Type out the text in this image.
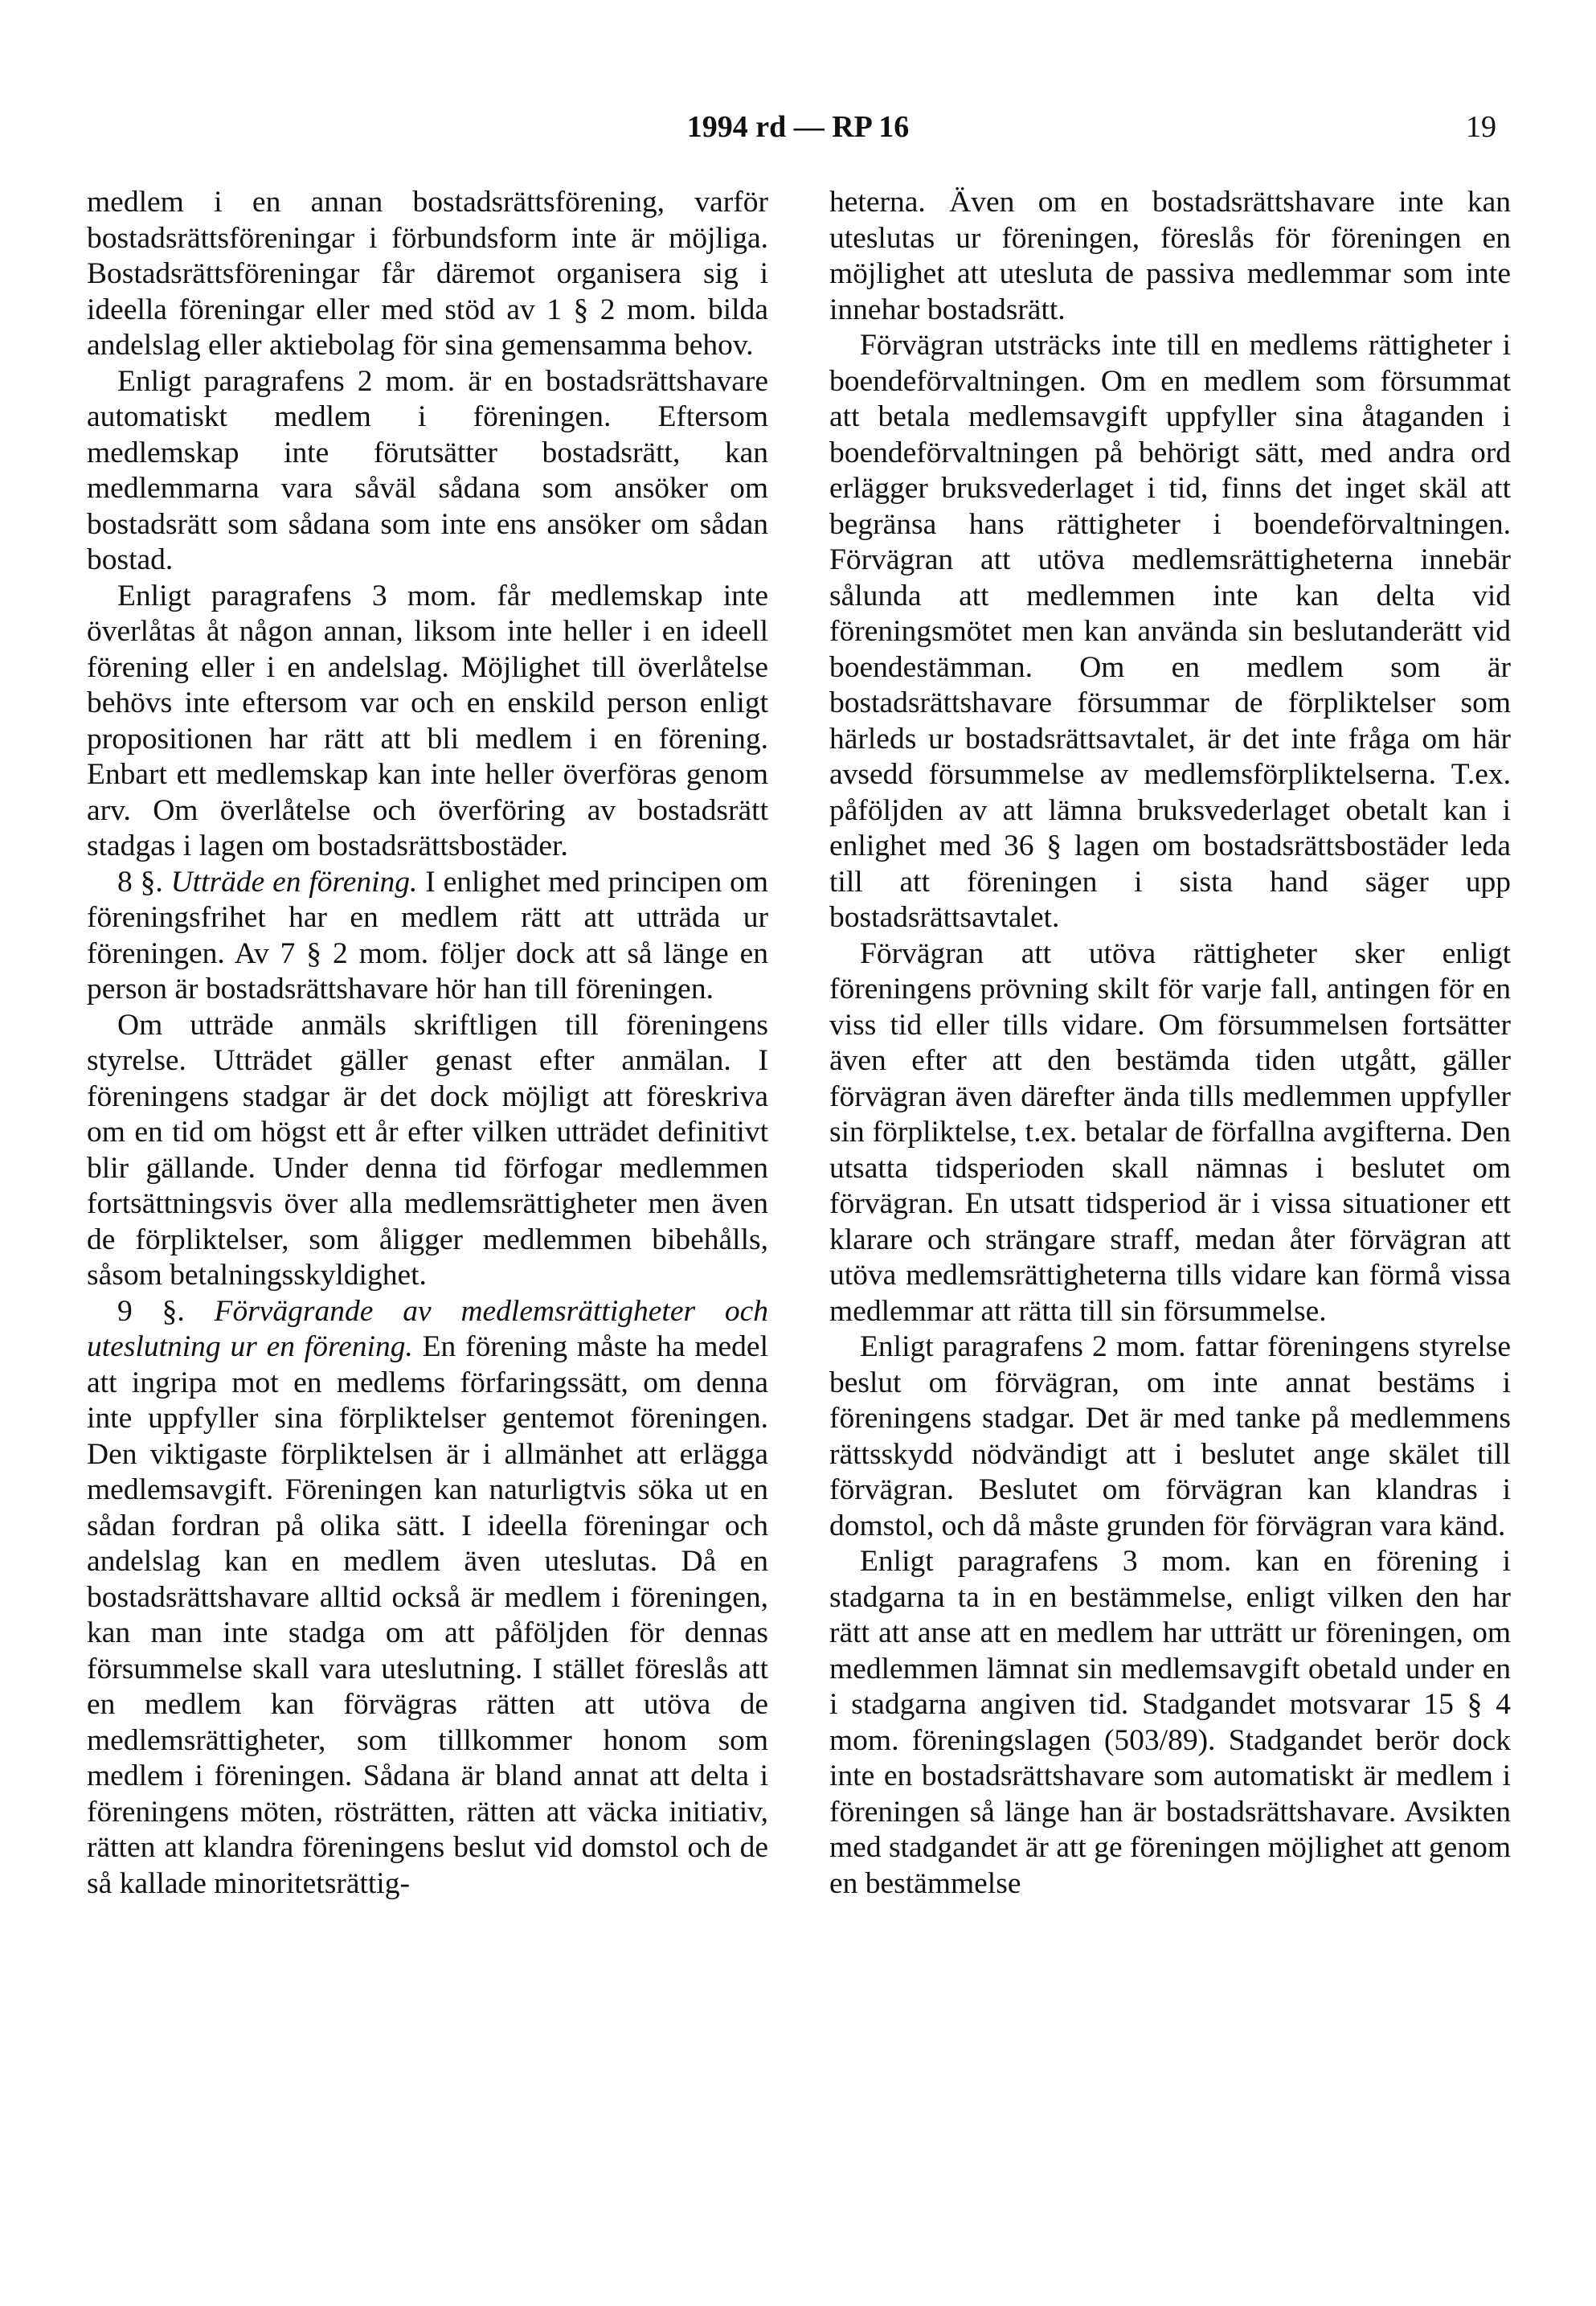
1994 rd — RP 16	19

medlem i en annan bostadsrättsförening, varför bostadsrättsföreningar i förbundsform inte är möjliga. Bostadsrättsföreningar får däremot organisera sig i ideella föreningar eller med stöd av 1 § 2 mom. bilda andelslag eller aktiebolag för sina gemensamma behov.

Enligt paragrafens 2 mom. är en bostadsrättshavare automatiskt medlem i föreningen. Eftersom medlemskap inte förutsätter bostadsrätt, kan medlemmarna vara såväl sådana som ansöker om bostadsrätt som sådana som inte ens ansöker om sådan bostad.

Enligt paragrafens 3 mom. får medlemskap inte överlåtas åt någon annan, liksom inte heller i en ideell förening eller i en andelslag. Möjlighet till överlåtelse behövs inte eftersom var och en enskild person enligt propositionen har rätt att bli medlem i en förening. Enbart ett medlemskap kan inte heller överföras genom arv. Om överlåtelse och överföring av bostadsrätt stadgas i lagen om bostadsrättsbostäder.

8 §. Utträde en förening. I enlighet med principen om föreningsfrihet har en medlem rätt att utträda ur föreningen. Av 7 § 2 mom. följer dock att så länge en person är bostadsrättshavare hör han till föreningen.

Om utträde anmäls skriftligen till föreningens styrelse. Utträdet gäller genast efter anmälan. I föreningens stadgar är det dock möjligt att föreskriva om en tid om högst ett år efter vilken utträdet definitivt blir gällande. Under denna tid förfogar medlemmen fortsättningsvis över alla medlemsrättigheter men även de förpliktelser, som åligger medlemmen bibehålls, såsom betalningsskyldighet.

9 §. Förvägrande av medlemsrättigheter och uteslutning ur en förening. En förening måste ha medel att ingripa mot en medlems förfaringssätt, om denna inte uppfyller sina förpliktelser gentemot föreningen. Den viktigaste förpliktelsen är i allmänhet att erlägga medlemsavgift. Föreningen kan naturligtvis söka ut en sådan fordran på olika sätt. I ideella föreningar och andelslag kan en medlem även uteslutas. Då en bostadsrättshavare alltid också är medlem i föreningen, kan man inte stadga om att påföljden för dennas försummelse skall vara uteslutning. I stället föreslås att en medlem kan förvägras rätten att utöva de medlemsrättigheter, som tillkommer honom som medlem i föreningen. Sådana är bland annat att delta i föreningens möten, rösträtten, rätten att väcka initiativ, rätten att klandra föreningens beslut vid domstol och de så kallade minoritetsrättig-

heterna. Även om en bostadsrättshavare inte kan uteslutas ur föreningen, föreslås för föreningen en möjlighet att utesluta de passiva medlemmar som inte innehar bostadsrätt.

Förvägran utsträcks inte till en medlems rättigheter i boendeförvaltningen. Om en medlem som försummat att betala medlemsavgift uppfyller sina åtaganden i boendeförvaltningen på behörigt sätt, med andra ord erlägger bruksvederlaget i tid, finns det inget skäl att begränsa hans rättigheter i boendeförvaltningen. Förvägran att utöva medlemsrättigheterna innebär sålunda att medlemmen inte kan delta vid föreningsmötet men kan använda sin beslutanderätt vid boendestämman. Om en medlem som är bostadsrättshavare försummar de förpliktelser som härleds ur bostadsrättsavtalet, är det inte fråga om här avsedd försummelse av medlemsförpliktelserna. T.ex. påföljden av att lämna bruksvederlaget obetalt kan i enlighet med 36 § lagen om bostadsrättsbostäder leda till att föreningen i sista hand säger upp bostadsrättsavtalet.

Förvägran att utöva rättigheter sker enligt föreningens prövning skilt för varje fall, antingen för en viss tid eller tills vidare. Om försummelsen fortsätter även efter att den bestämda tiden utgått, gäller förvägran även därefter ända tills medlemmen uppfyller sin förpliktelse, t.ex. betalar de förfallna avgifterna. Den utsatta tidsperioden skall nämnas i beslutet om förvägran. En utsatt tidsperiod är i vissa situationer ett klarare och strängare straff, medan åter förvägran att utöva medlemsrättigheterna tills vidare kan förmå vissa medlemmar att rätta till sin försummelse.

Enligt paragrafens 2 mom. fattar föreningens styrelse beslut om förvägran, om inte annat bestäms i föreningens stadgar. Det är med tanke på medlemmens rättsskydd nödvändigt att i beslutet ange skälet till förvägran. Beslutet om förvägran kan klandras i domstol, och då måste grunden för förvägran vara känd.

Enligt paragrafens 3 mom. kan en förening i stadgarna ta in en bestämmelse, enligt vilken den har rätt att anse att en medlem har utträtt ur föreningen, om medlemmen lämnat sin medlemsavgift obetald under en i stadgarna angiven tid. Stadgandet motsvarar 15 § 4 mom. föreningslagen (503/89). Stadgandet berör dock inte en bostadsrättshavare som automatiskt är medlem i föreningen så länge han är bostadsrättshavare. Avsikten med stadgandet är att ge föreningen möjlighet att genom en bestämmelse
